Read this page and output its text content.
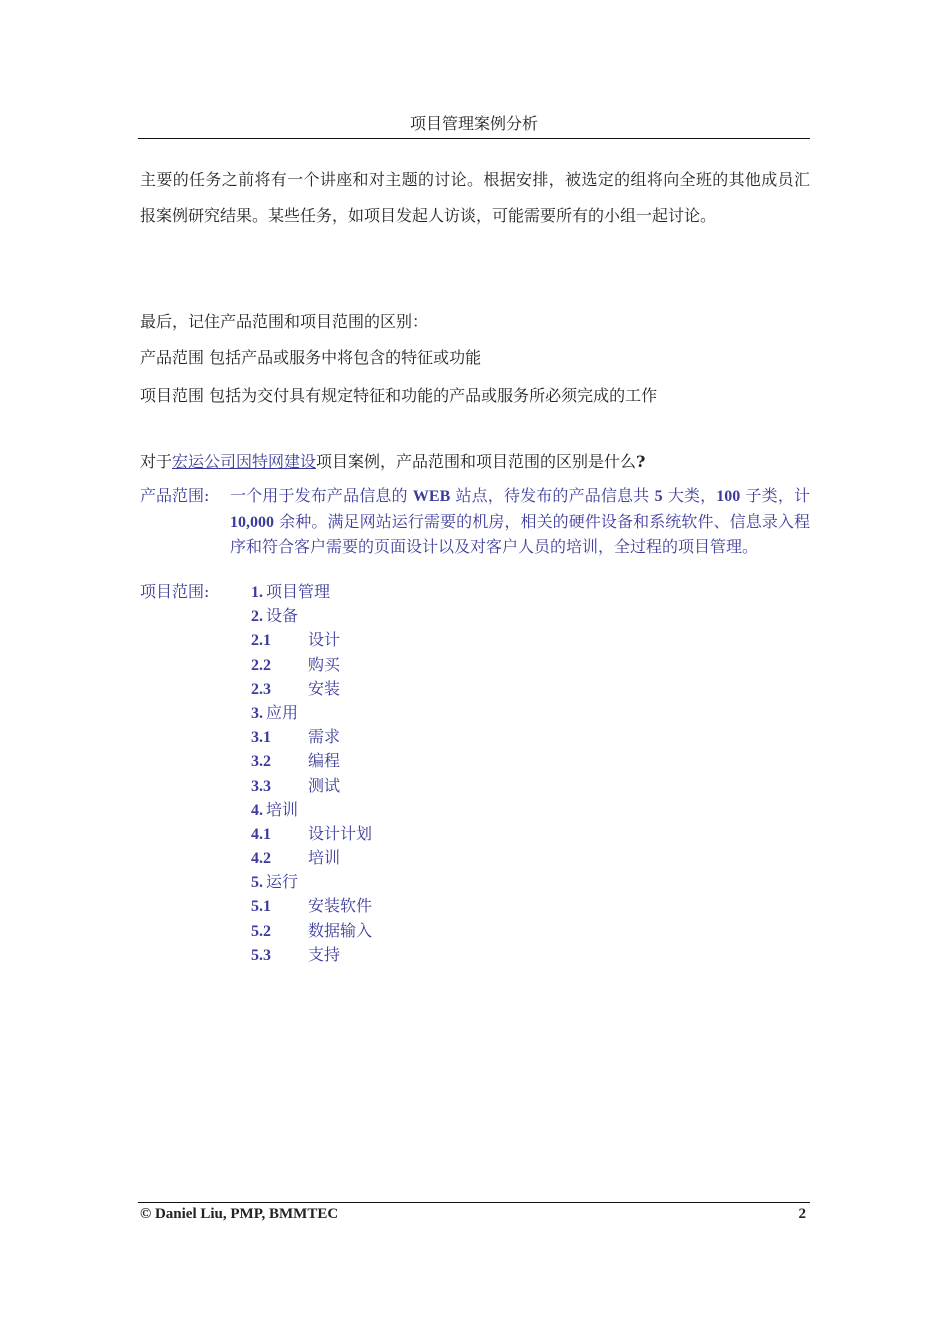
项目管理案例分析
主要的任务之前将有一个讲座和对主题的讨论。根据安排，被选定的组将向全班的其他成员汇报案例研究结果。某些任务，如项目发起人访谈，可能需要所有的小组一起讨论。
最后，记住产品范围和项目范围的区别：
产品范围 包括产品或服务中将包含的特征或功能
项目范围 包括为交付具有规定特征和功能的产品或服务所必须完成的工作
对于宏运公司因特网建设项目案例，产品范围和项目范围的区别是什么?
产品范围: 一个用于发布产品信息的 WEB 站点，待发布的产品信息共 5 大类，100 子类，计 10,000 余种。满足网站运行需要的机房，相关的硬件设备和系统软件、信息录入程序和符合客户需要的页面设计以及对客户人员的培训，全过程的项目管理。
项目范围:	1. 项目管理
2. 设备
2.1 设计
2.2 购买
2.3 安装
3. 应用
3.1 需求
3.2 编程
3.3 测试
4. 培训
4.1 设计计划
4.2 培训
5. 运行
5.1 安装软件
5.2 数据输入
5.3 支持
© Daniel Liu, PMP, BMMTEC	2
